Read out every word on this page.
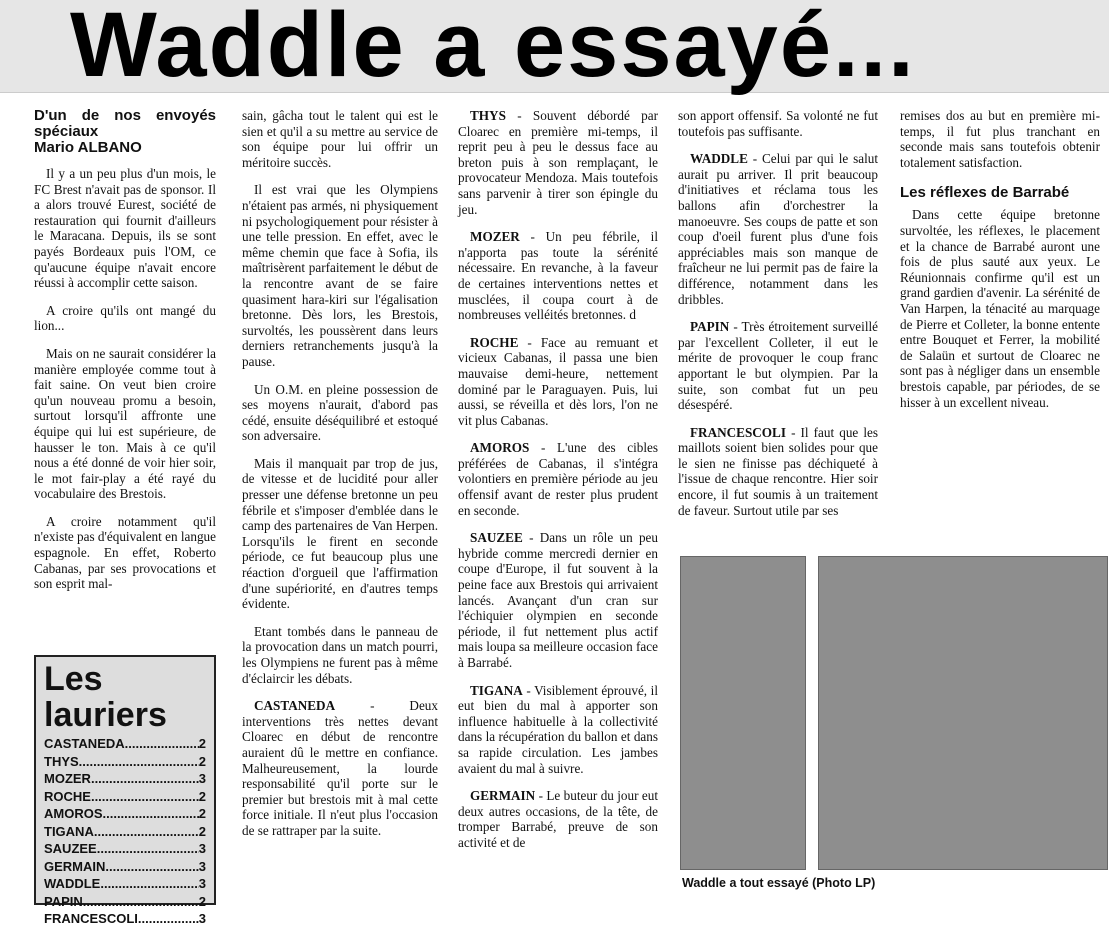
Waddle a essayé...
D'un de nos envoyés spéciaux
Mario ALBANO

Il y a un peu plus d'un mois, le FC Brest n'avait pas de sponsor. Il a alors trouvé Eurest, société de restauration qui fournit d'ailleurs le Maracana. Depuis, ils se sont payés Bordeaux puis l'OM, ce qu'aucune équipe n'avait encore réussi à accomplir cette saison.

A croire qu'ils ont mangé du lion...

Mais on ne saurait considérer la manière employée comme tout à fait saine. On veut bien croire qu'un nouveau promu a besoin, surtout lorsqu'il affronte une équipe qui lui est supérieure, de hausser le ton. Mais à ce qu'il nous a été donné de voir hier soir, le mot fair-play a été rayé du vocabulaire des Brestois.

A croire notamment qu'il n'existe pas d'équivalent en langue espagnole. En effet, Roberto Cabanas, par ses provocations et son esprit mal-

Les lauriers
CASTANEDA .....	2
THYS .....	2
MOZER .....	3
ROCHE .....	2
AMOROS .....	2
TIGANA .....	2
SAUZEE .....	3
GERMAIN .....	3
WADDLE .....	3
PAPIN .....	2
FRANCESCOLI .....	3

sain, gâcha tout le talent qui est le sien et qu'il a su mettre au service de son équipe pour lui offrir un méritoire succès.

Il est vrai que les Olympiens n'étaient pas armés, ni physiquement ni psychologiquement pour résister à une telle pression. En effet, avec le même chemin que face à Sofia, ils maîtrisèrent parfaitement le début de la rencontre avant de se faire quasiment hara-kiri sur l'égalisation bretonne. Dès lors, les Brestois, survoltés, les poussèrent dans leurs derniers retranchements jusqu'à la pause.

Un O.M. en pleine possession de ses moyens n'aurait, d'abord pas cédé, ensuite déséquilibré et estoqué son adversaire.

Mais il manquait par trop de jus, de vitesse et de lucidité pour aller presser une défense bretonne un peu fébrile et s'imposer d'emblée dans le camp des partenaires de Van Herpen. Lorsqu'ils le firent en seconde période, ce fut beaucoup plus une réaction d'orgueil que l'affirmation d'une supériorité, en d'autres temps évidente.

Etant tombés dans le panneau de la provocation dans un match pourri, les Olympiens ne furent pas à même d'éclaircir les débats.

CASTANEDA	- Deux interventions très nettes devant Cloarec en début de rencontre auraient dû le mettre en confiance. Malheureusement, la lourde responsabilité qu'il porte sur le premier but brestois mit à mal cette force initiale. Il n'eut plus l'occasion de se rattraper par la suite.

THYS - Souvent débordé par Cloarec en première mi-temps, il reprit peu à peu le dessus face au breton puis à son remplaçant, le provocateur Mendoza. Mais toutefois sans parvenir à tirer son épingle du jeu.

MOZER - Un peu fébrile, il n'apporta pas toute la sérénité nécessaire. En revanche, à la faveur de certaines interventions nettes et musclées, il coupa court à de nombreuses velléités bretonnes. d

ROCHE - Face au remuant et vicieux Cabanas, il passa une bien mauvaise demi-heure, nettement dominé par le Paraguayen. Puis, lui aussi, se réveilla et dès lors, l'on ne vit plus Cabanas.

AMOROS - L'une des cibles préférées de Cabanas, il s'intégra volontiers en première période au jeu offensif avant de rester plus prudent en seconde.

SAUZEE - Dans un rôle un peu hybride comme mercredi dernier en coupe d'Europe, il fut souvent à la peine face aux Brestois qui arrivaient lancés. Avançant d'un cran sur l'échiquier olympien en seconde période, il fut nettement plus actif mais loupa sa meilleure occasion face à Barrabé.

TIGANA - Visiblement éprouvé, il eut bien du mal à apporter son influence habituelle à la collectivité dans la récupération du ballon et dans sa rapide circulation. Les jambes avaient du mal à suivre.

GERMAIN - Le buteur du jour eut deux autres occasions, de la tête, de tromper Barrabé, preuve de son activité et de

son apport offensif. Sa volonté ne fut toutefois pas suffisante.

WADDLE - Celui par qui le salut aurait pu arriver. Il prit beaucoup d'initiatives et réclama tous les ballons afin d'orchestrer la manoeuvre. Ses coups de patte et son coup d'oeil furent plus d'une fois appréciables mais son manque de fraîcheur ne lui permit pas de faire la différence, notamment dans les dribbles.

PAPIN - Très étroitement surveillé par l'excellent Colleter, il eut le mérite de provoquer le coup franc apportant le but olympien. Par la suite, son combat fut un peu désespéré.

FRANCESCOLI - Il faut que les maillots soient bien solides pour que le sien ne finisse pas déchiqueté à l'issue de chaque rencontre. Hier soir encore, il fut soumis à un traitement de faveur. Surtout utile par ses

remises dos au but en première mi-temps, il fut plus tranchant en seconde mais sans toutefois obtenir totalement satisfaction.

Les réflexes de Barrabé

Dans cette équipe bretonne survoltée, les réflexes, le placement et la chance de Barrabé auront une fois de plus sauté aux yeux. Le Réunionnais confirme qu'il est un grand gardien d'avenir. La sérénité de Van Harpen, la ténacité au marquage de Pierre et Colleter, la bonne entente entre Bouquet et Ferrer, la mobilité de Salaün et surtout de Cloarec ne sont pas à négliger dans un ensemble brestois capable, par périodes, de se hisser à un excellent niveau.

Waddle a tout essayé (Photo LP)
